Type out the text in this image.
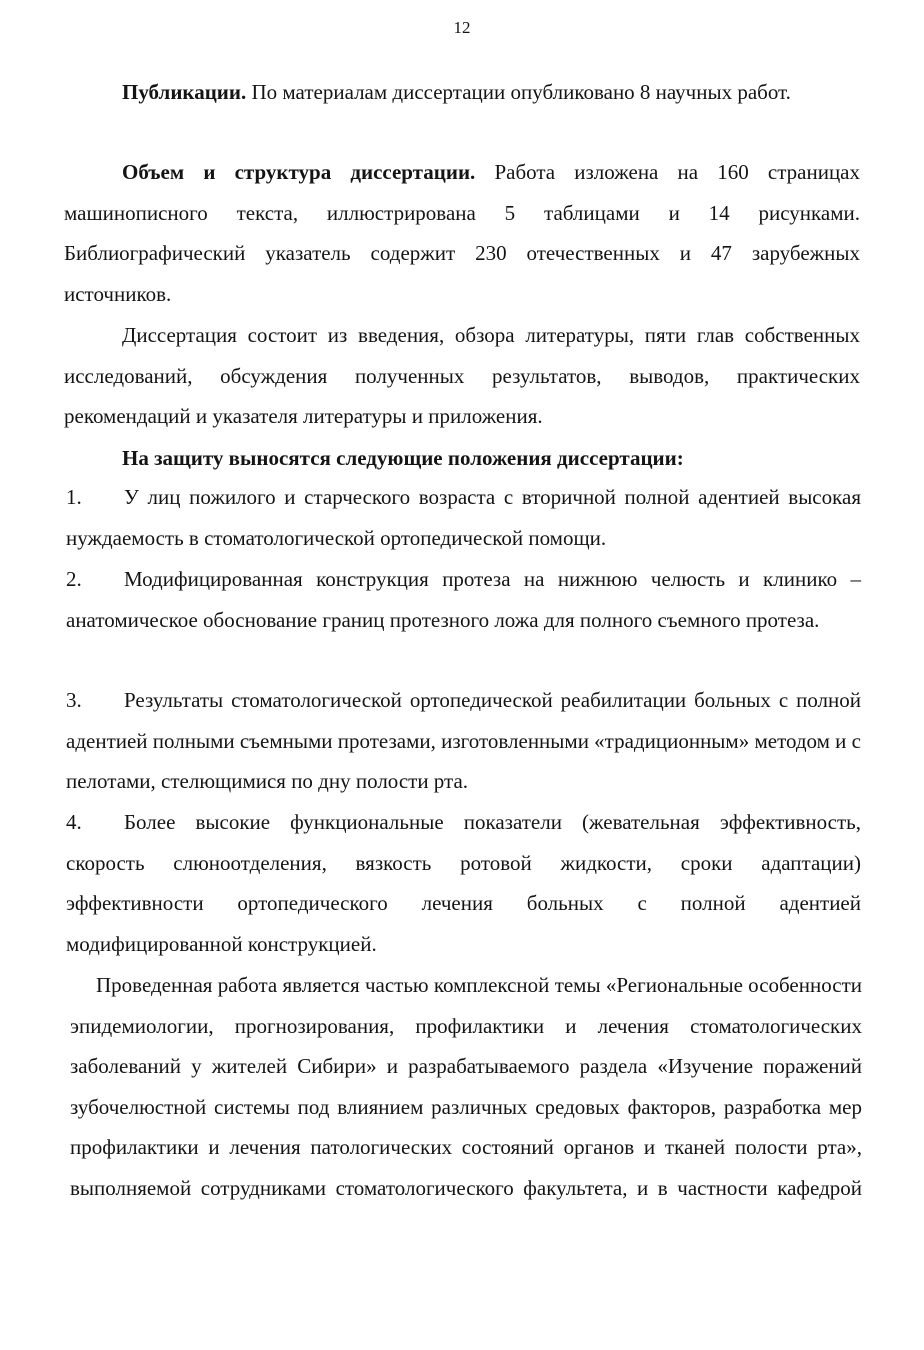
12

Публикации. По материалам диссертации опубликовано 8 научных работ.

Объем и структура диссертации. Работа изложена на 160 страницах машинописного текста, иллюстрирована 5 таблицами и 14 рисунками. Библиографический указатель содержит 230 отечественных и 47 зарубежных источников.

Диссертация состоит из введения, обзора литературы, пяти глав собственных исследований, обсуждения полученных результатов, выводов, практических рекомендаций и указателя литературы и приложения.

На защиту выносятся следующие положения диссертации:

1. У лиц пожилого и старческого возраста с вторичной полной адентией высокая нуждаемость в стоматологической ортопедической помощи.

2. Модифицированная конструкция протеза на нижнюю челюсть и клинико – анатомическое обоснование границ протезного ложа для полного съемного протеза.

3. Результаты стоматологической ортопедической реабилитации больных с полной адентией полными съемными протезами, изготовленными «традиционным» методом и с пелотами, стелющимися по дну полости рта.

4. Более высокие функциональные показатели (жевательная эффективность, скорость слюноотделения, вязкость ротовой жидкости, сроки адаптации) эффективности ортопедического лечения больных с полной адентией модифицированной конструкцией.

Проведенная работа является частью комплексной темы «Региональные особенности эпидемиологии, прогнозирования, профилактики и лечения стоматологических заболеваний у жителей Сибири» и разрабатываемого раздела «Изучение поражений зубочелюстной системы под влиянием различных средовых факторов, разработка мер профилактики и лечения патологических состояний органов и тканей полости рта», выполняемой сотрудниками стоматологического факультета, и в частности кафедрой
